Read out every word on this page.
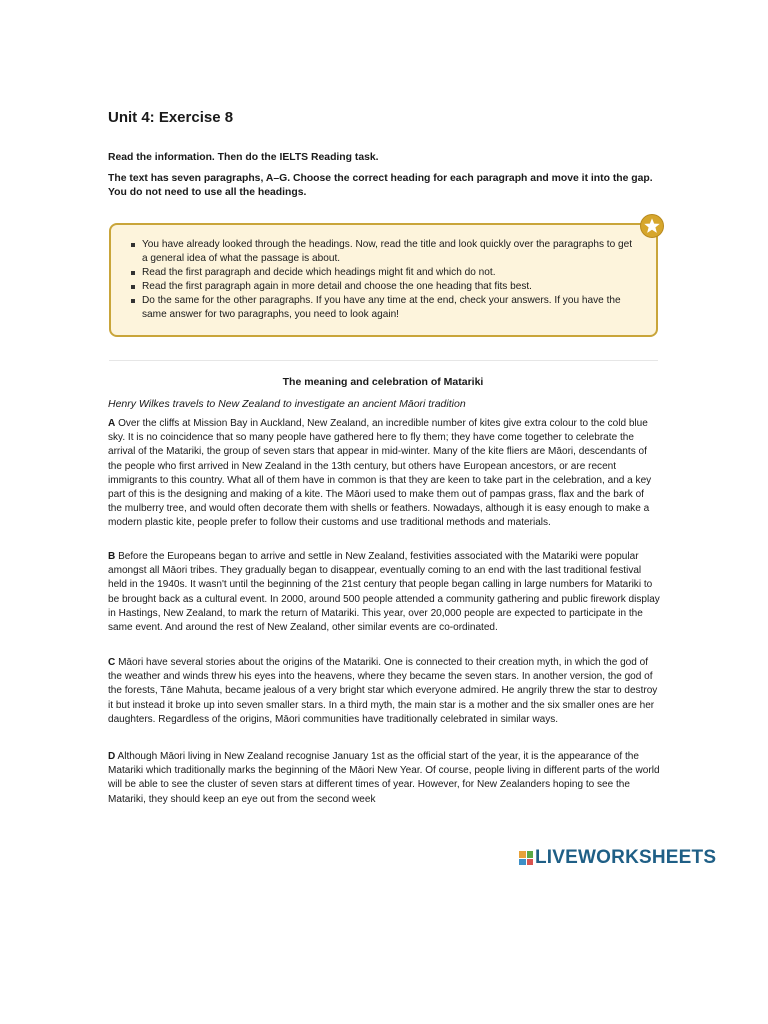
Unit 4: Exercise 8

Read the information. Then do the IELTS Reading task.

The text has seven paragraphs, A–G. Choose the correct heading for each paragraph and move it into the gap. You do not need to use all the headings.

You have already looked through the headings. Now, read the title and look quickly over the paragraphs to get a general idea of what the passage is about.
Read the first paragraph and decide which headings might fit and which do not.
Read the first paragraph again in more detail and choose the one heading that fits best.
Do the same for the other paragraphs. If you have any time at the end, check your answers. If you have the same answer for two paragraphs, you need to look again!
The meaning and celebration of Matariki

Henry Wilkes travels to New Zealand to investigate an ancient Māori tradition

A Over the cliffs at Mission Bay in Auckland, New Zealand, an incredible number of kites give extra colour to the cold blue sky. It is no coincidence that so many people have gathered here to fly them; they have come together to celebrate the arrival of the Matariki, the group of seven stars that appear in mid-winter. Many of the kite fliers are Māori, descendants of the people who first arrived in New Zealand in the 13th century, but others have European ancestors, or are recent immigrants to this country. What all of them have in common is that they are keen to take part in the celebration, and a key part of this is the designing and making of a kite. The Māori used to make them out of pampas grass, flax and the bark of the mulberry tree, and would often decorate them with shells or feathers. Nowadays, although it is easy enough to make a modern plastic kite, people prefer to follow their customs and use traditional methods and materials.

B Before the Europeans began to arrive and settle in New Zealand, festivities associated with the Matariki were popular amongst all Māori tribes. They gradually began to disappear, eventually coming to an end with the last traditional festival held in the 1940s. It wasn't until the beginning of the 21st century that people began calling in large numbers for Matariki to be brought back as a cultural event. In 2000, around 500 people attended a community gathering and public firework display in Hastings, New Zealand, to mark the return of Matariki. This year, over 20,000 people are expected to participate in the same event. And around the rest of New Zealand, other similar events are co-ordinated.

C Māori have several stories about the origins of the Matariki. One is connected to their creation myth, in which the god of the weather and winds threw his eyes into the heavens, where they became the seven stars. In another version, the god of the forests, Tāne Mahuta, became jealous of a very bright star which everyone admired. He angrily threw the star to destroy it but instead it broke up into seven smaller stars. In a third myth, the main star is a mother and the six smaller ones are her daughters. Regardless of the origins, Māori communities have traditionally celebrated in similar ways.

D Although Māori living in New Zealand recognise January 1st as the official start of the year, it is the appearance of the Matariki which traditionally marks the beginning of the Māori New Year. Of course, people living in different parts of the world will be able to see the cluster of seven stars at different times of year. However, for New Zealanders hoping to see the Matariki, they should keep an eye out from the second week

LIVEWORKSHEETS
